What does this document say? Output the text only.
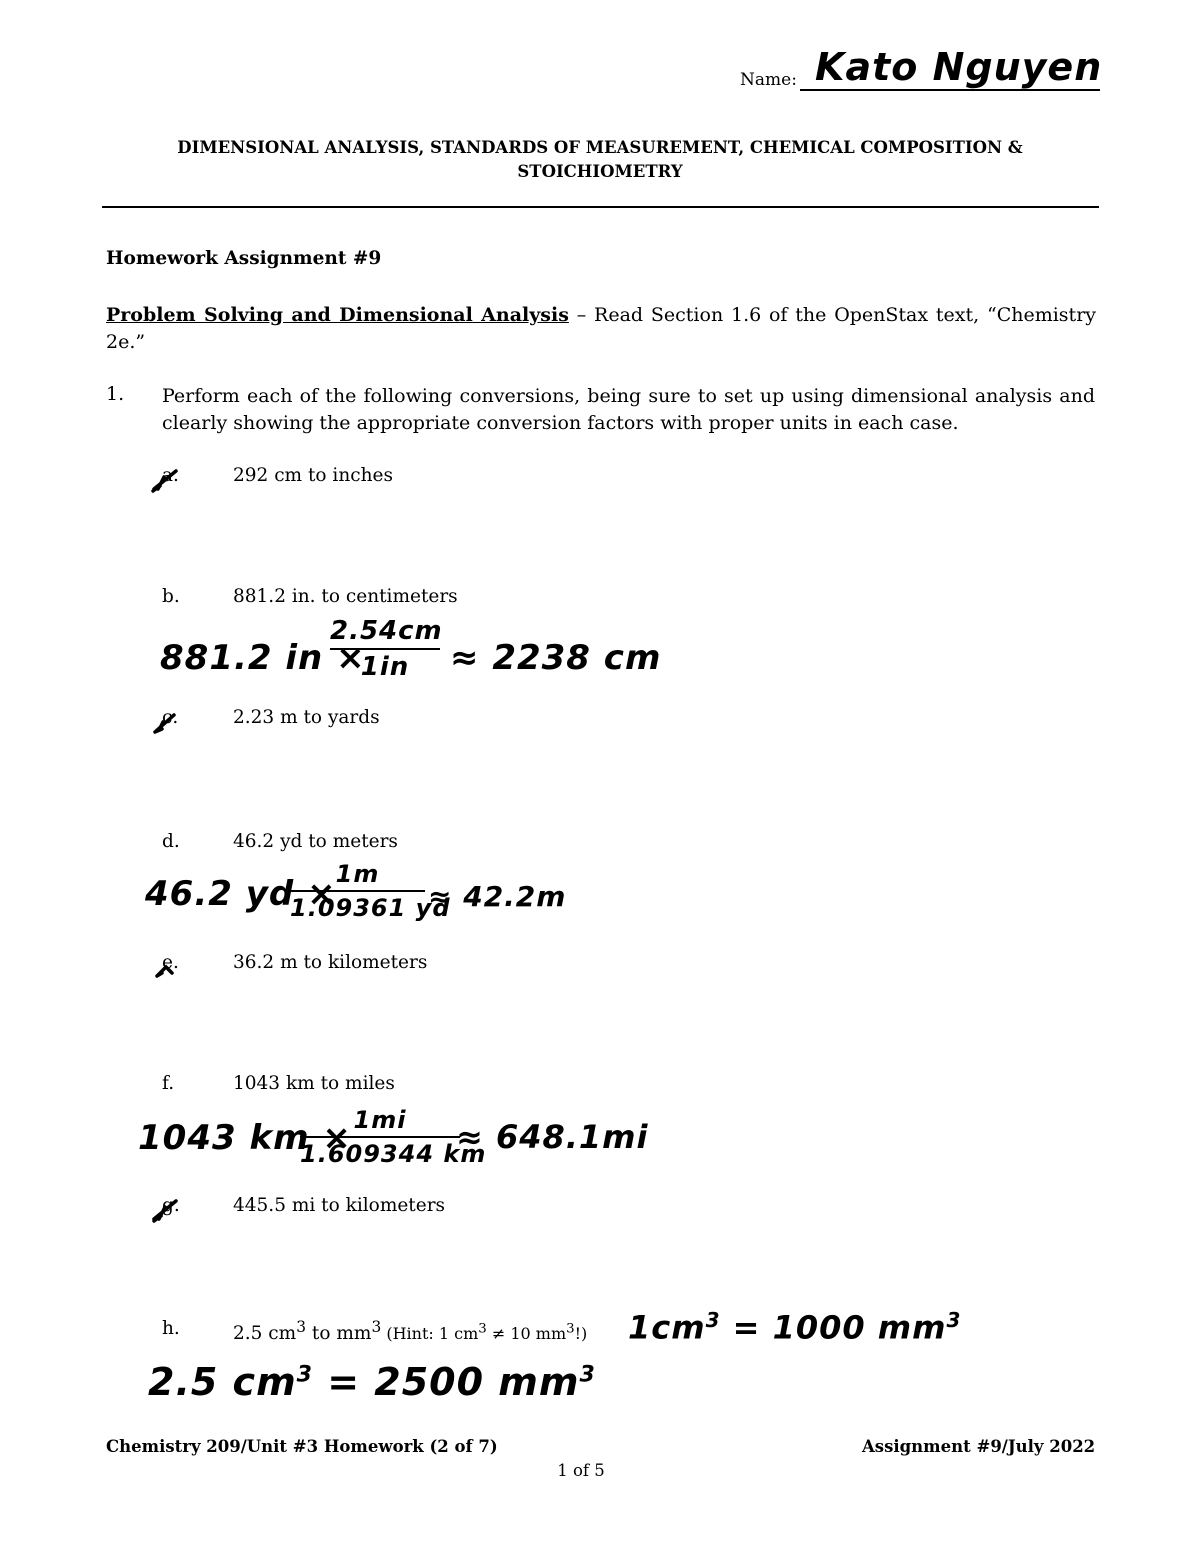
Name: Kato Nguyen
DIMENSIONAL ANALYSIS, STANDARDS OF MEASUREMENT, CHEMICAL COMPOSITION & STOICHIOMETRY
Homework Assignment #9
Problem Solving and Dimensional Analysis – Read Section 1.6 of the OpenStax text, “Chemistry 2e.”
1. Perform each of the following conversions, being sure to set up using dimensional analysis and clearly showing the appropriate conversion factors with proper units in each case.
a.	292 cm to inches
b.	881.2 in. to centimeters
c.	2.23 m to yards
d.	46.2 yd to meters
e.	36.2 m to kilometers
f.	1043 km to miles
g.	445.5 mi to kilometers
h.	2.5 $cm^3$ to $mm^3$ (Hint: 1 $cm^3 \ne 10$ $mm^3$!)
881.2 in ×
2.54cm
1in	≈ 2238 cm
46.2 yd × 1m
1.09361 yd
≈ 42.2m
1043 km × 1mi
1.609344 km
≈ 648.1mi
$1cm^3 = 1000$ $mm^3$
2.5 $cm^3 = 2500$ $mm^3$
Chemistry 209/Unit #3 Homework (2 of 7)	Assignment #9/July 2022
1 of 5
